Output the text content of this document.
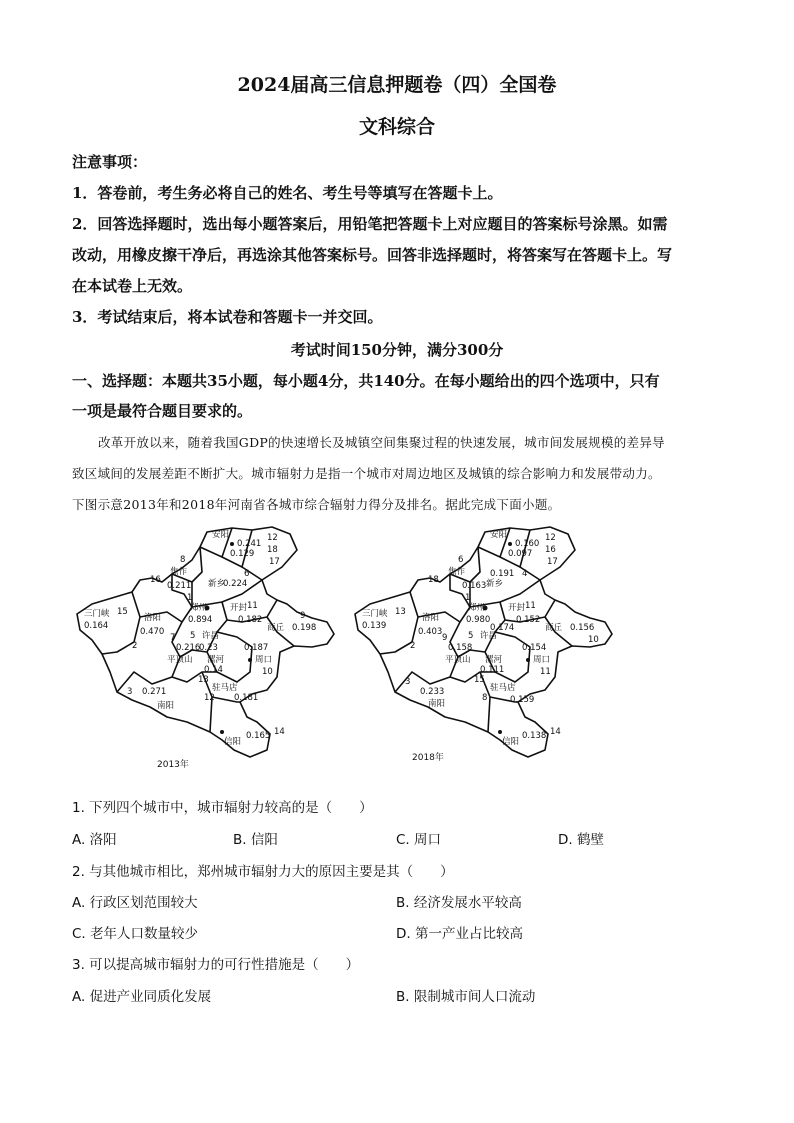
2024届高三信息押题卷（四）全国卷
文科综合
注意事项：
1．答卷前，考生务必将自己的姓名、考生号等填写在答题卡上。
2．回答选择题时，选出每小题答案后，用铅笔把答题卡上对应题目的答案标号涂黑。如需
改动，用橡皮擦干净后，再选涂其他答案标号。回答非选择题时，将答案写在答题卡上。写
在本试卷上无效。
3．考试结束后，将本试卷和答题卡一并交回。
考试时间150分钟，满分300分
一、选择题：本题共35小题，每小题4分，共140分。在每小题给出的四个选项中，只有
一项是最符合题目要求的。
改革开放以来，随着我国GDP的快速增长及城镇空间集聚过程的快速发展，城市间发展规模的差异导
致区域间的发展差距不断扩大。城市辐射力是指一个城市对周边地区及城镇的综合影响力和发展带动力。
下图示意2013年和2018年河南省各城市综合辐射力得分及排名。据此完成下面小题。
安阳
0.241
12
18
0.129
17
焦作
0.211
8
16	新乡
0.224
6
三门峡
0.164
15
洛阳
0.470
2
郑州
0.894
1
开封
0.182
11
商丘 0.198
9
许昌
0.23
5
平顶山
0.216
7
漯河
0.14
13
周口
0.187
10
3 0.271
南阳
驻马店
0.181
12
信阳
0.165 14
2013年
安阳
0.160
12
16
0.097
17
焦作
0.163
6
18	新乡
0.191 4
三门峡
0.139
13
洛阳
0.403
2
郑州
0.980
1
开封
0.152
11
商丘 0.156
10
许昌
0.174
5
平顶山
0.158
9
漯河
0.111
15
周口
0.154
11
3
0.233
南阳
驻马店
0.159
8
信阳
0.138 14
2018年
1. 下列四个城市中，城市辐射力较高的是（　　）
A. 洛阳	B. 信阳	C. 周口	D. 鹤壁
2. 与其他城市相比，郑州城市辐射力大的原因主要是其（　　）
A. 行政区划范围较大	B. 经济发展水平较高
C. 老年人口数量较少	D. 第一产业占比较高
3. 可以提高城市辐射力的可行性措施是（　　）
A. 促进产业同质化发展	B. 限制城市间人口流动
